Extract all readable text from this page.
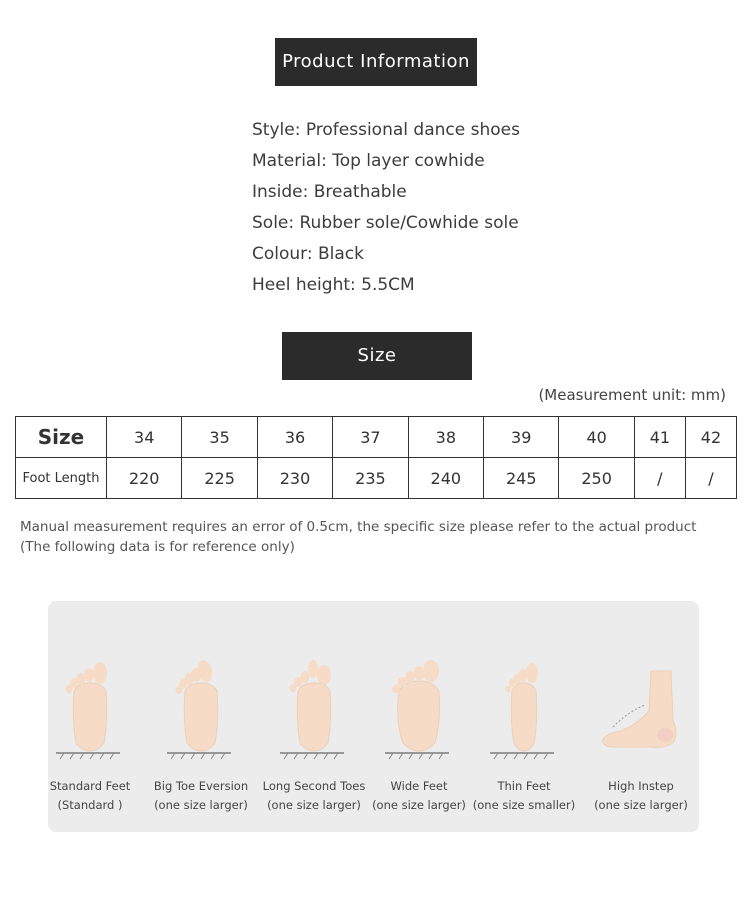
Product Information
Style: Professional dance shoes
Material: Top layer cowhide
Inside: Breathable
Sole: Rubber sole/Cowhide sole
Colour: Black
Heel height: 5.5CM
Size
(Measurement unit: mm)
Size	34	35	36	37	38	39	40	41	42
Foot Length	220	225	230	235	240	245	250	/	/
Manual measurement requires an error of 0.5cm, the specific size please refer to the actual product (The following data is for reference only)
Standard Feet
(Standard )
Big Toe Eversion
(one size larger)
Long Second Toes
(one size larger)
Wide Feet
(one size larger)
Thin Feet
(one size smaller)
High Instep
(one size larger)
